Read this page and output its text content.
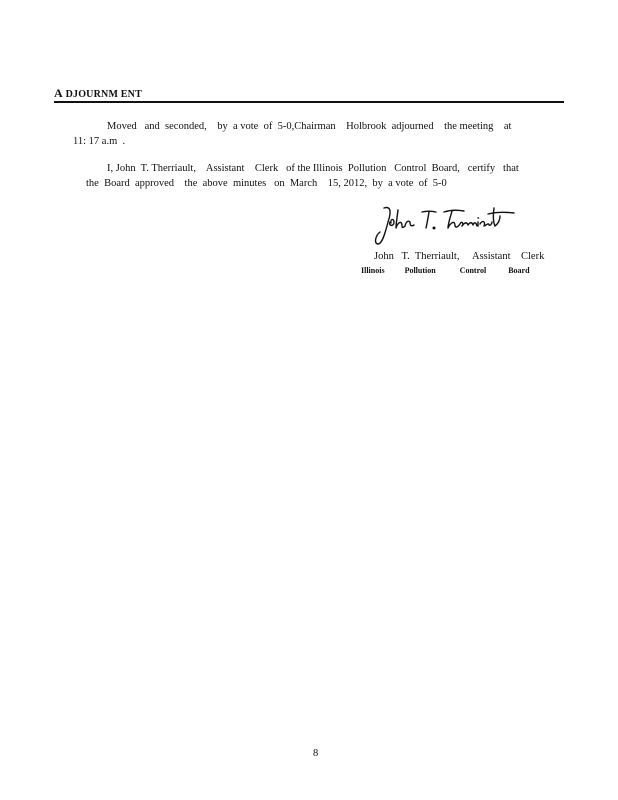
A DJOURNM ENT
Moved   and  seconded,    by  a vote  of  5-0,Chairman    Holbrook  adjourned    the meeting    at
11: 17 a.m  .
I, John  T. Therriault,    Assistant    Clerk   of the Illinois  Pollution   Control  Board,   certify   that
the  Board  approved    the  above  minutes   on  March    15, 2012,  by  a vote  of  5-0
John T. Therriault
John   T.  Therriault,     Assistant    Clerk
Illinois          Pollution            Control           Board
8
